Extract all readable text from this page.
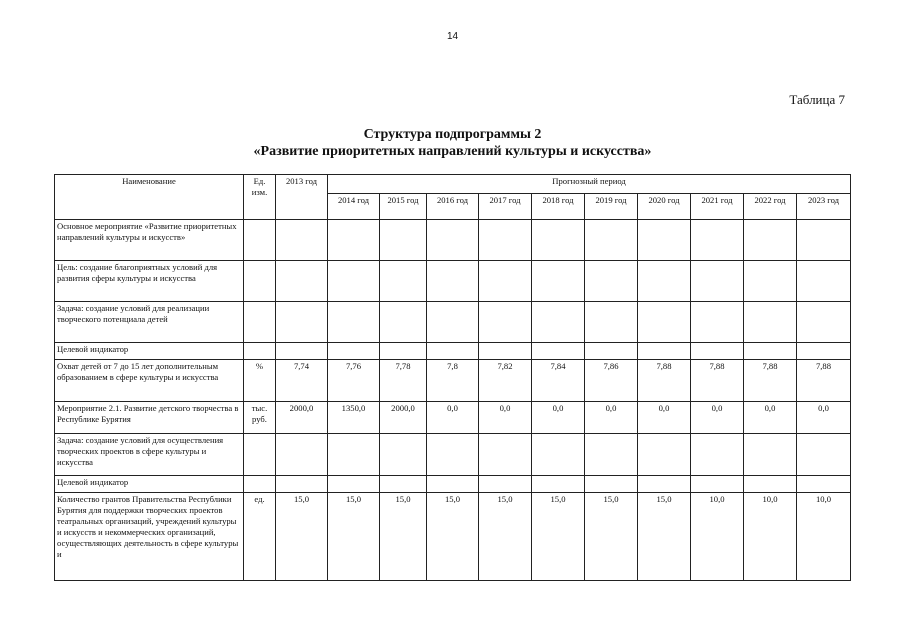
14
Таблица 7
Структура подпрограммы 2
«Развитие приоритетных направлений культуры и искусства»
Наименование	Ед. изм.	2013 год	Прогнозный период									
			2014 год	2015 год	2016 год	2017 год	2018 год	2019 год	2020 год	2021 год	2022 год	2023 год
Основное мероприятие «Развитие приоритетных направлений культуры и искусств»												
Цель: создание благоприятных условий для развития сферы культуры и искусства												
Задача: создание условий для реализации творческого потенциала детей												
Целевой индикатор												
Охват детей от 7 до 15 лет дополнительным образованием в сфере культуры и искусства	%	7,74	7,76	7,78	7,8	7,82	7,84	7,86	7,88	7,88	7,88	7,88
Мероприятие 2.1. Развитие детского творчества в Республике Бурятия	тыс. руб.	2000,0	1350,0	2000,0	0,0	0,0	0,0	0,0	0,0	0,0	0,0	0,0
Задача: создание условий для осуществления творческих проектов в сфере культуры и искусства												
Целевой индикатор												
Количество грантов Правительства Республики Бурятия для поддержки творческих проектов театральных организаций, учреждений культуры и искусств и некоммерческих организаций, осуществляющих деятельность в сфере культуры и	ед.	15,0	15,0	15,0	15,0	15,0	15,0	15,0	15,0	10,0	10,0	10,0
